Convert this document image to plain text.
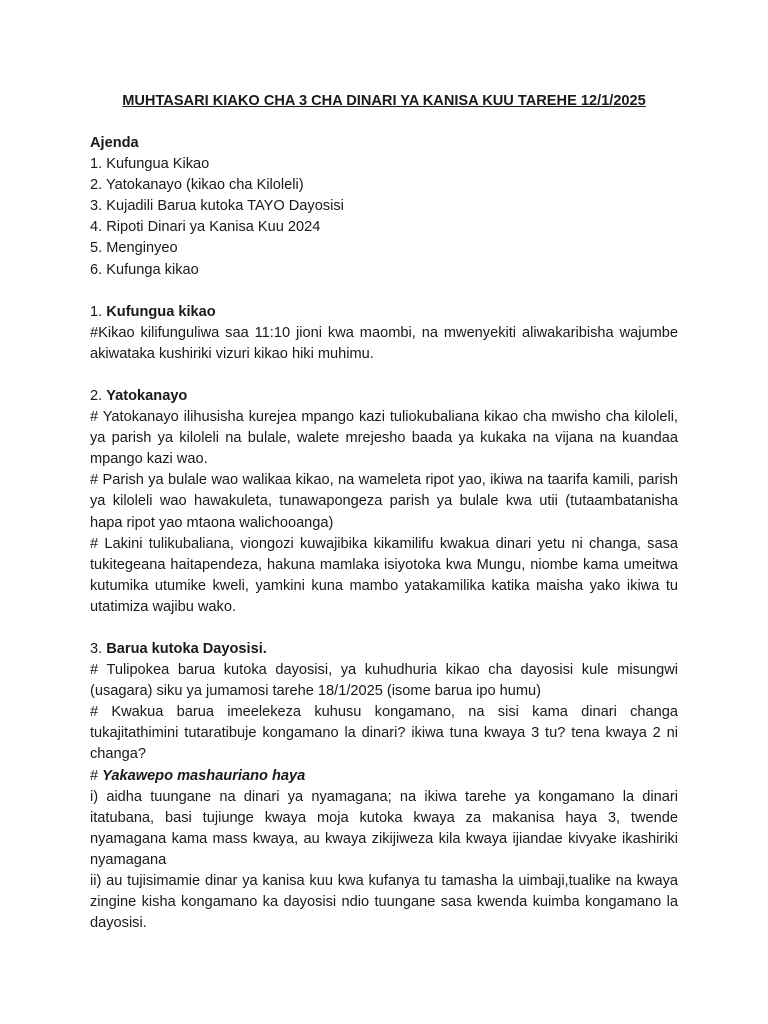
MUHTASARI KIAKO CHA 3 CHA DINARI YA KANISA KUU TAREHE 12/1/2025

Ajenda

1. Kufungua Kikao

2. Yatokanayo (kikao cha Kiloleli)

3. Kujadili Barua kutoka TAYO Dayosisi

4. Ripoti Dinari ya Kanisa Kuu 2024

5. Menginyeo

6. Kufunga kikao

1. Kufungua kikao

#Kikao kilifunguliwa saa 11:10 jioni kwa maombi, na mwenyekiti aliwakaribisha wajumbe akiwataka kushiriki vizuri kikao hiki muhimu.

2. Yatokanayo

# Yatokanayo ilihusisha kurejea mpango kazi tuliokubaliana kikao cha mwisho cha kiloleli, ya parish ya kiloleli na bulale, walete mrejesho baada ya kukaka na vijana na kuandaa mpango kazi wao.

# Parish ya bulale wao walikaa kikao, na wameleta ripot yao, ikiwa na taarifa kamili, parish ya kiloleli wao hawakuleta, tunawapongeza parish ya bulale kwa utii (tutaambatanisha hapa ripot yao mtaona walichooanga)

# Lakini tulikubaliana, viongozi kuwajibika kikamilifu kwakua dinari yetu ni changa, sasa tukitegeana haitapendeza, hakuna mamlaka isiyotoka kwa Mungu, niombe kama umeitwa kutumika utumike kweli, yamkini kuna mambo yatakamilika katika maisha yako ikiwa tu utatimiza wajibu wako.

3. Barua kutoka Dayosisi.

# Tulipokea barua kutoka dayosisi, ya kuhudhuria kikao cha dayosisi kule misungwi (usagara) siku ya jumamosi tarehe 18/1/2025 (isome barua ipo humu)

# Kwakua barua imeelekeza kuhusu kongamano, na sisi kama dinari changa tukajitathimini tutaratibuje kongamano la dinari? ikiwa tuna kwaya 3 tu? tena kwaya 2 ni changa?

# Yakawepo mashauriano haya

i) aidha tuungane na dinari ya nyamagana; na ikiwa tarehe ya kongamano la dinari itatubana, basi tujiunge kwaya moja kutoka kwaya za makanisa haya 3, twende nyamagana kama mass kwaya, au kwaya zikijiweza kila kwaya ijiandae kivyake ikashiriki nyamagana

ii) au tujisimamie dinar ya kanisa kuu kwa kufanya tu tamasha la uimbaji,tualike na kwaya zingine kisha kongamano ka dayosisi ndio tuungane sasa kwenda kuimba kongamano la dayosisi.
